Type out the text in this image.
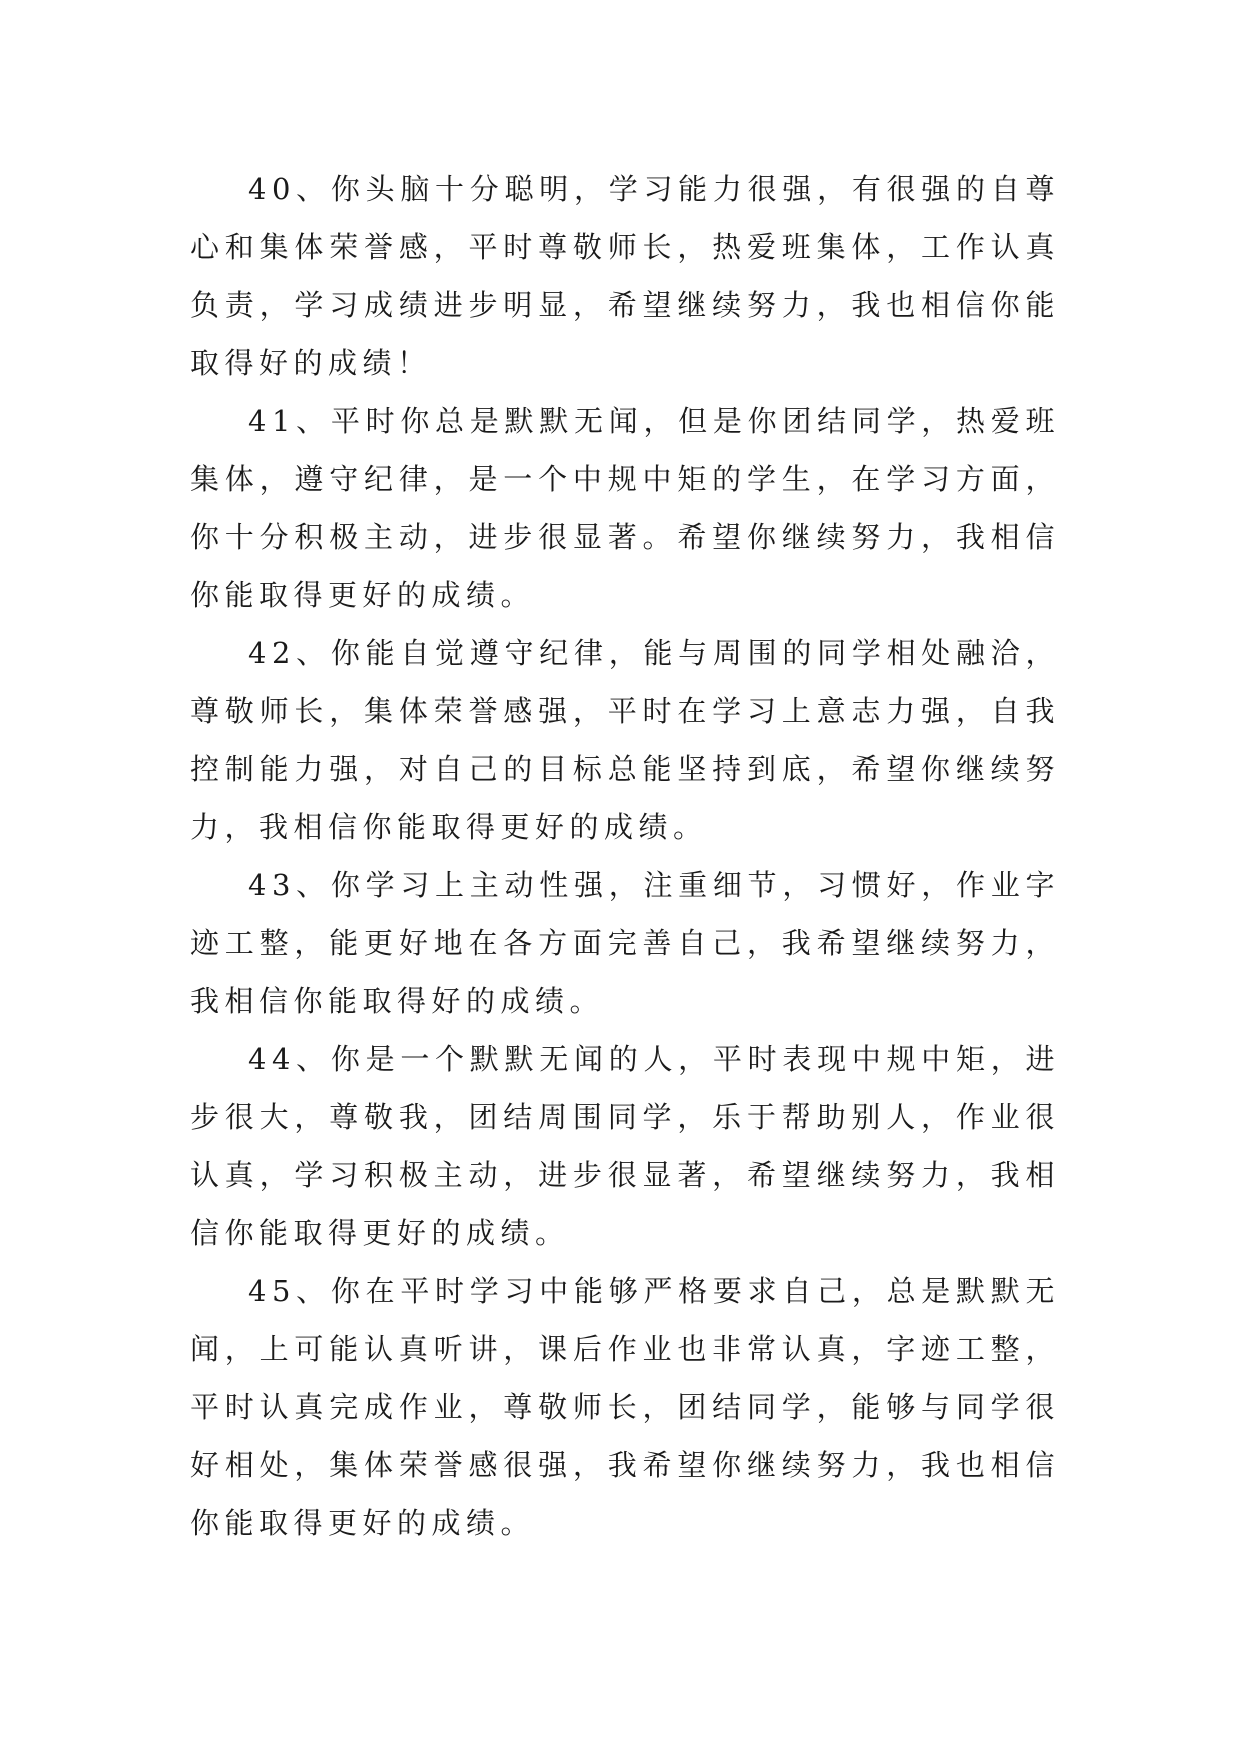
40、你头脑十分聪明，学习能力很强，有很强的自尊心和集体荣誉感，平时尊敬师长，热爱班集体，工作认真负责，学习成绩进步明显，希望继续努力，我也相信你能取得好的成绩！

41、平时你总是默默无闻，但是你团结同学，热爱班集体，遵守纪律，是一个中规中矩的学生，在学习方面，你十分积极主动，进步很显著。希望你继续努力，我相信你能取得更好的成绩。

42、你能自觉遵守纪律，能与周围的同学相处融洽，尊敬师长，集体荣誉感强，平时在学习上意志力强，自我控制能力强，对自己的目标总能坚持到底，希望你继续努力，我相信你能取得更好的成绩。

43、你学习上主动性强，注重细节，习惯好，作业字迹工整，能更好地在各方面完善自己，我希望继续努力，我相信你能取得好的成绩。

44、你是一个默默无闻的人，平时表现中规中矩，进步很大，尊敬我，团结周围同学，乐于帮助别人，作业很认真，学习积极主动，进步很显著，希望继续努力，我相信你能取得更好的成绩。

45、你在平时学习中能够严格要求自己，总是默默无闻，上可能认真听讲，课后作业也非常认真，字迹工整，平时认真完成作业，尊敬师长，团结同学，能够与同学很好相处，集体荣誉感很强，我希望你继续努力，我也相信你能取得更好的成绩。
